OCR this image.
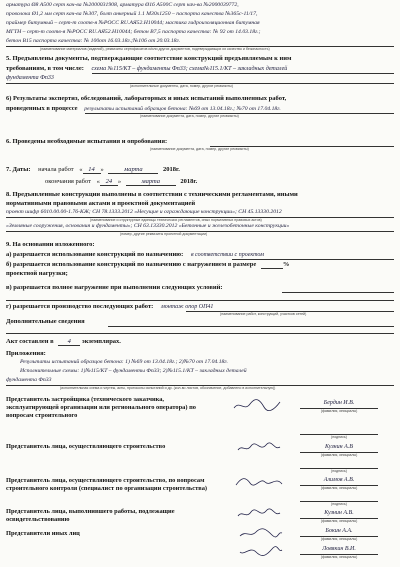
арматура Ø8 А500 серт кач-ва №2000031908, арматура Ø16 А500С серт кач-ва №2000039772,
проволока Ø1,2 мм серт кач-ва №307, болт анкерный 1.1 М30х1250 – паспорта качества №365с-11/17,
праймер битумный – серт-т соотв-я №РОСС RU.АЯ52.Н10044; мастика гидроизоляционная битумная
МГТН – серт-т соотв-я №РОСС RU.АЯ52.Н10044; бетон В7,5 паспорта качества: № 92 от 14.03.18г.;
бетон В15 паспорта качества: № 100от 16.03.18г.;№106 от 20.03.18г.
(наименование материалов (изделий), реквизиты сертификатов и/или других документов, подтверждающих их качество и безопасность)
5. Предъявлены документы, подтверждающие соответствие конструкций предъявляемым к ним
требованиям, в том числе: схема №115/КТ – фундаменты Фп33; схема№115.1/КТ – закладных деталей
фундамента Фп33
(исполнительные документы, дата, номер, другие реквизиты)
6) Результаты экспертиз, обследований, лабораторных и иных испытаний выполненных работ,
проведенных в процессе результаты испытаний образцов бетона: №69 от 13.04.18г.; №70 от 17.04.18г.
(наименование документа, дата, номер, другие реквизиты)
6. Проведены необходимые испытания и опробования:
(наименование документа, дата, номер, другие реквизиты)
7. Даты: начала работ « 14 »	марта	2018г.
окончания работ « 24 »	марта	2018г.
8. Предъявленные конструкции выполнены в соответствии с техническими регламентами, иными
нормативными правовыми актами и проектной документацией
проект шифр 6010.00.00-1.76-КЖ; СН 78.1333.2012 «Несущие и ограждающие конструкции»; СН 45.13330.2012
(наименование и структурные единицы технических регламентов, иных нормативных правовых актов)
«Земляные сооружения, основания и фундаменты»; СН 63.13330.2012 «Бетонные и железобетонные конструкции»
(номер, другие реквизиты проектной документации)
9. На основании изложенного:
а) разрешается использование конструкций по назначению: в соответствии с проектом
б) разрешается использование конструкций по назначению с нагружением в размере	%
проектной нагрузки;
в) разрешается полное нагружение при выполнении следующих условий:
г) разрешается производство последующих работ: монтаж опор ОП41
(наименование работ, конструкций, участков сетей)
Дополнительные сведения
Акт составлен в 4 экземплярах.
Приложения:
Результаты испытаний образцов бетона: 1) №69 от 13.04.18г.; 2)№70 от 17.04.18г.
Исполнительные схемы: 1)№115/КТ – фундаменты Фп33; 2)№115.1/КТ – закладных деталей
фундамента Фп33
(исполнительная схема и чертеж, акты, протоколы испытаний и др. (кол-во листов, обозначение, добавлено в исполнительную))
Представитель застройщика (технического заказчика, эксплуатирующей организации или регионального оператора) по вопросам строительного
Бердин И.В.
(фамилия, инициалы)
(подпись)
Представитель лица, осуществляющего строительство	Кузнин А.В
(фамилия, инициалы)
(подпись)
Представитель лица, осуществляющего строительство, по вопросам строительного контроля (специалист по организации строительства)
Алимов А.В.
(фамилия, инициалы)
(подпись)
Представитель лица, выполнившего работы, подлежащие освидетельствованию
Кузнин А.В.
(фамилия, инициалы)
Представители иных лиц	Бокин А.А.
(фамилия, инициалы)
Ловякин В.И.
(фамилия, инициалы)
